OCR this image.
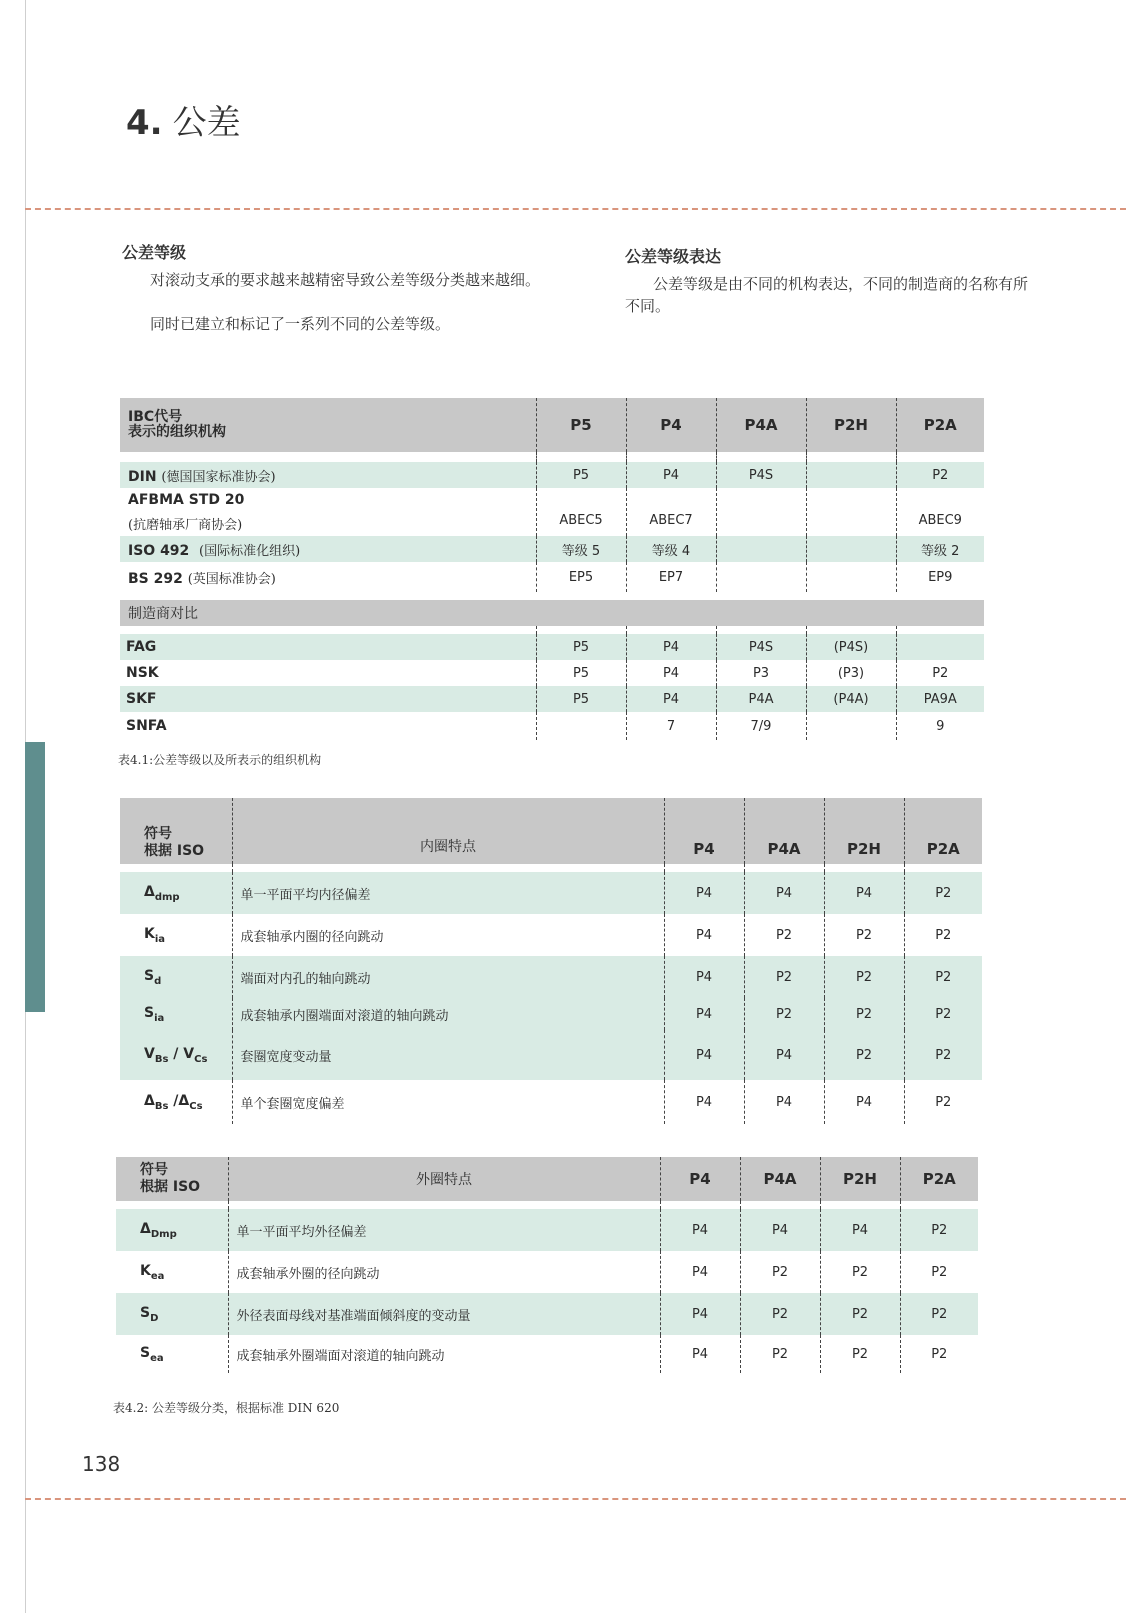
4. 公差

公差等级

对滚动支承的要求越来越精密导致公差等级分类越来越细。

同时已建立和标记了一系列不同的公差等级。

公差等级表达

公差等级是由不同的机构表达，不同的制造商的名称有所不同。

IBC代号
表示的组织机构	P5	P4	P4A	P2H	P2A

DIN (德国国家标准协会)	P5	P4	P4S		P2

AFBMA STD 20
(抗磨轴承厂商协会)	ABEC5	ABEC7			ABEC9
ISO 492 (国际标准化组织)	等级 5	等级 4			等级 2
BS 292 (英国标准协会)	EP5	EP7			EP9

制造商对比					

FAG	P5	P4	P4S	(P4S)	
NSK	P5	P4	P3	(P3)	P2
SKF	P5	P4	P4A	(P4A)	PA9A
SNFA		7	7/9		9
表4.1:公差等级以及所表示的组织机构
公差特点
符号
根据 ISO	内圈特点	P4	P4A	P2H	P2A

$\Delta_{dmp}$	单一平面平均内径偏差	P4	P4	P4	P2
$K_{ia}$	成套轴承内圈的径向跳动	P4	P2	P2	P2
$S_d$	端面对内孔的轴向跳动	P4	P2	P2	P2
$S_{ia}$	成套轴承内圈端面对滚道的轴向跳动	P4	P2	P2	P2
$V_{Bs} / V_{Cs}$	套圈宽度变动量	P4	P4	P2	P2
$\Delta_{Bs}$ $/\Delta_{Cs}$	单个套圈宽度偏差	P4	P4	P4	P2
符号
根据 ISO	外圈特点	P4	P4A	P2H	P2A

$\Delta_{Dmp}$	单一平面平均外径偏差	P4	P4	P4	P2
$K_{ea}$	成套轴承外圈的径向跳动	P4	P2	P2	P2
$S_D$	外径表面母线对基准端面倾斜度的变动量	P4	P2	P2	P2
$S_{ea}$	成套轴承外圈端面对滚道的轴向跳动	P4	P2	P2	P2
表4.2: 公差等级分类，根据标准 DIN 620
138
